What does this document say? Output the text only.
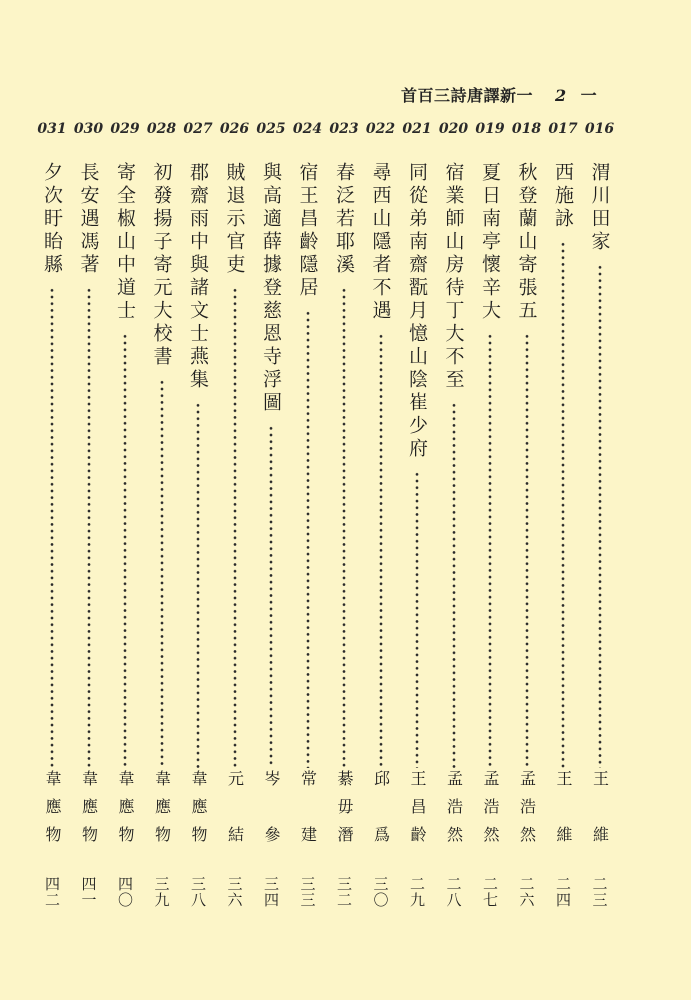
首百三詩唐譯新一 2 一
016
渭川田家
王維
二三
017
西施詠
王維
二四
018
秋登蘭山寄張五
孟浩然
二六
019
夏日南亭懷辛大
孟浩然
二七
020
宿業師山房待丁大不至
孟浩然
二八
021
同從弟南齋翫月憶山陰崔少府
王昌齡
二九
022
尋西山隱者不遇
邱爲
三〇
023
春泛若耶溪
綦毋潛
三二
024
宿王昌齡隱居
常建
三三
025
與高適薛據登慈恩寺浮圖
岑參
三四
026
賊退示官吏
元結
三六
027
郡齋雨中與諸文士燕集
韋應物
三八
028
初發揚子寄元大校書
韋應物
三九
029
寄全椒山中道士
韋應物
四〇
030
長安遇馮著
韋應物
四一
031
夕次盱眙縣
韋應物
四二
